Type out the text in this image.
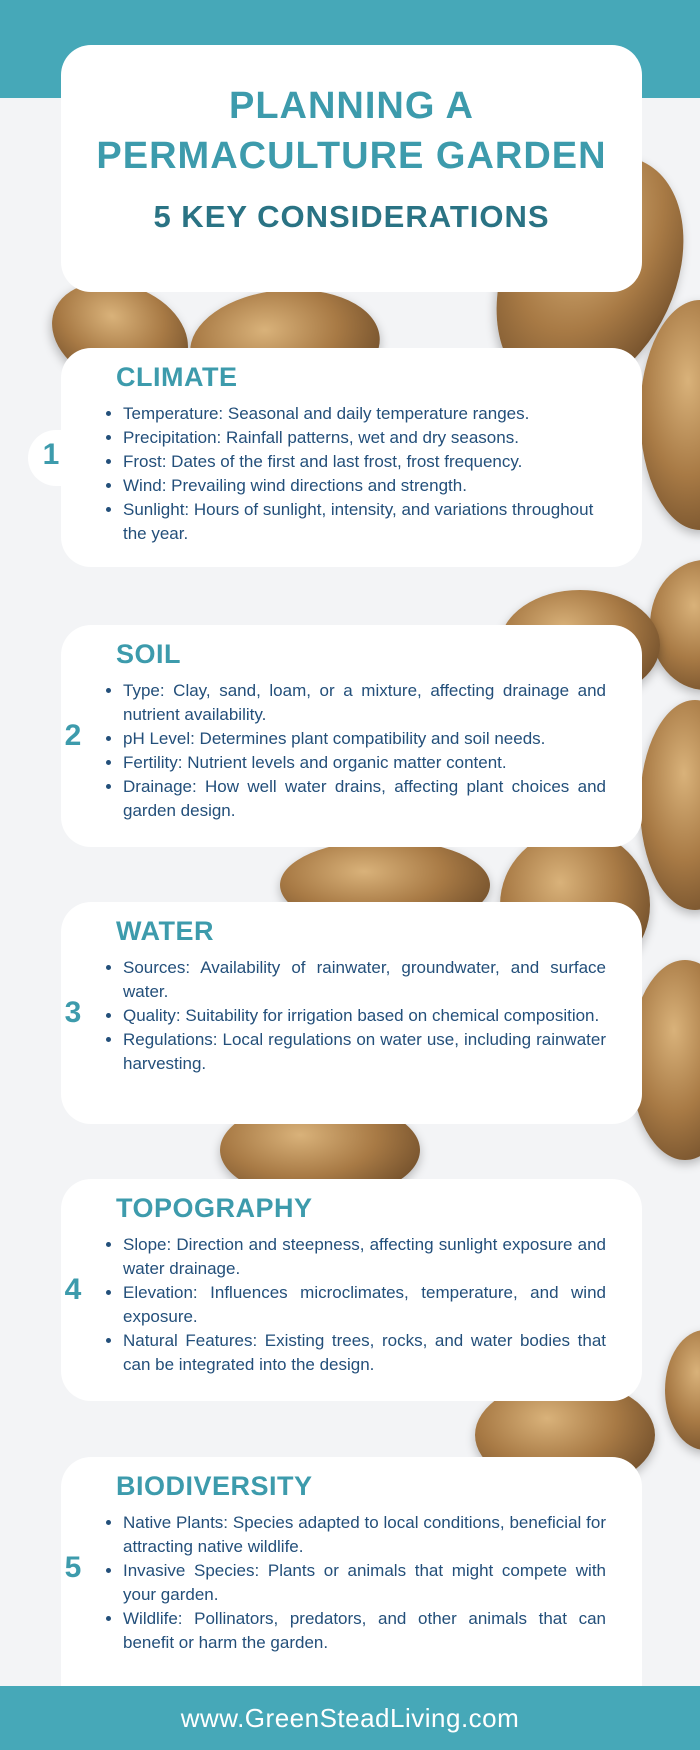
PLANNING A
PERMACULTURE GARDEN
5 KEY CONSIDERATIONS
1
CLIMATE
• Temperature: Seasonal and daily temperature ranges.
• Precipitation: Rainfall patterns, wet and dry seasons.
• Frost: Dates of the first and last frost, frost frequency.
• Wind: Prevailing wind directions and strength.
• Sunlight: Hours of sunlight, intensity, and variations throughout the year.
2
SOIL
• Type: Clay, sand, loam, or a mixture, affecting drainage and nutrient availability.
• pH Level: Determines plant compatibility and soil needs.
• Fertility: Nutrient levels and organic matter content.
• Drainage: How well water drains, affecting plant choices and garden design.
3
WATER
• Sources: Availability of rainwater, groundwater, and surface water.
• Quality: Suitability for irrigation based on chemical composition.
• Regulations: Local regulations on water use, including rainwater harvesting.
4
TOPOGRAPHY
• Slope: Direction and steepness, affecting sunlight exposure and water drainage.
• Elevation: Influences microclimates, temperature, and wind exposure.
• Natural Features: Existing trees, rocks, and water bodies that can be integrated into the design.
5
BIODIVERSITY
• Native Plants: Species adapted to local conditions, beneficial for attracting native wildlife.
• Invasive Species: Plants or animals that might compete with your garden.
• Wildlife: Pollinators, predators, and other animals that can benefit or harm the garden.
www.GreenSteadLiving.com
